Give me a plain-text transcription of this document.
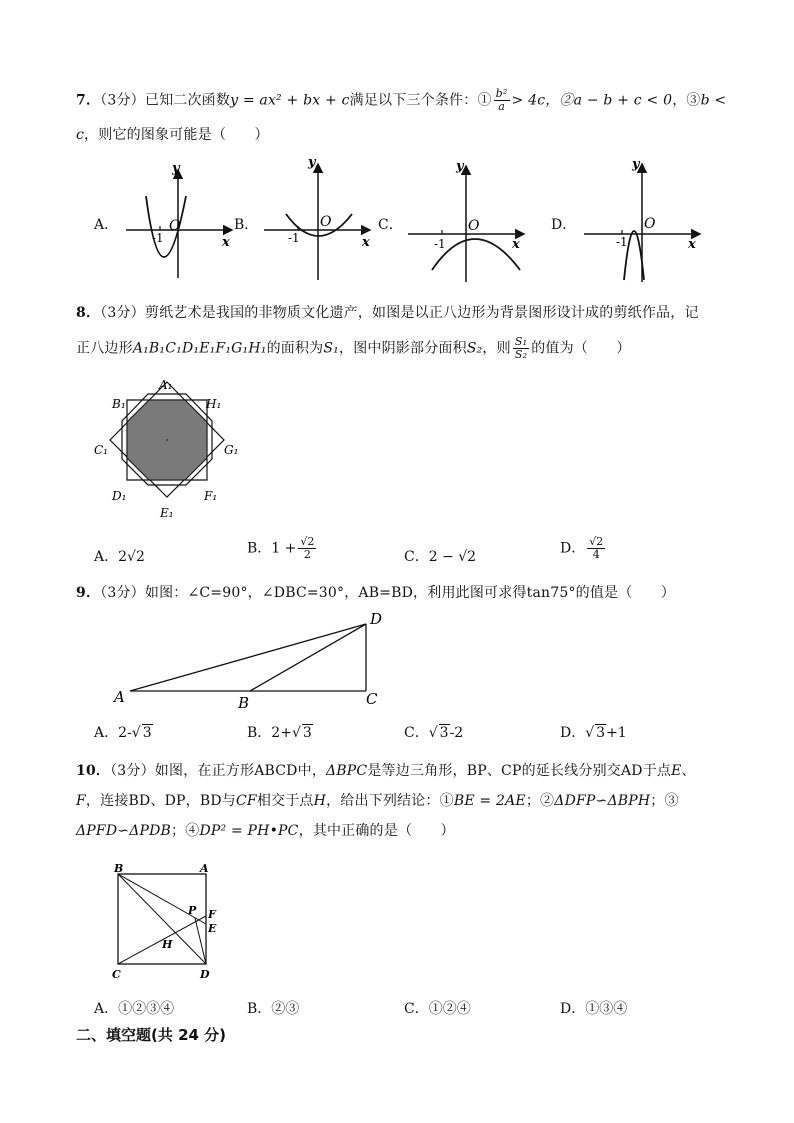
7．（3分）已知二次函数y = ax² + bx + c满足以下三个条件：① $\frac{\text{b²}}{a} > 4c$，②a − b + c < 0，③b <
c，则它的图象可能是（　　）
A．	B．	C．	D．
O
y
x
-1
O
y
x
-1
O
y
x
-1
O
y
x
-1
8．（3分）剪纸艺术是我国的非物质文化遗产，如图是以正八边形为背景图形设计成的剪纸作品，记
正八边形A₁B₁C₁D₁E₁F₁G₁H₁的面积为S₁，图中阴影部分面积S₂，则 $\frac{\text{S₁}}{\text{S₂}}$ 的值为（　　）
A₁
H₁
G₁
F₁
E₁
D₁
C₁
B₁
A．2√2
B．$1 + \frac{√2}{2}$	C．2 − √2
D． $\frac{√2}{4}$
9．（3分）如图：∠C=90°，∠DBC=30°，AB=BD，利用此图可求得tan75°的值是（　　）
A	B	C
D
A．2-√ 3	B．2+√ 3	C．√ 3-2	D．√ 3+1
10．（3分）如图，在正方形ABCD中，ΔBPC是等边三角形，BP、CP的延长线分别交AD于点E、
F，连接BD、DP，BD与CF相交于点H，给出下列结论：①BE = 2AE；②ΔDFP∽ΔBPH；③
ΔPFD∽ΔPDB；④DP² = PH•PC，其中正确的是（　　）
B	A
C	D
P F
E
H
A．①②③④	B．②③	C．①②④	D．①③④
二、填空题(共 24 分)
